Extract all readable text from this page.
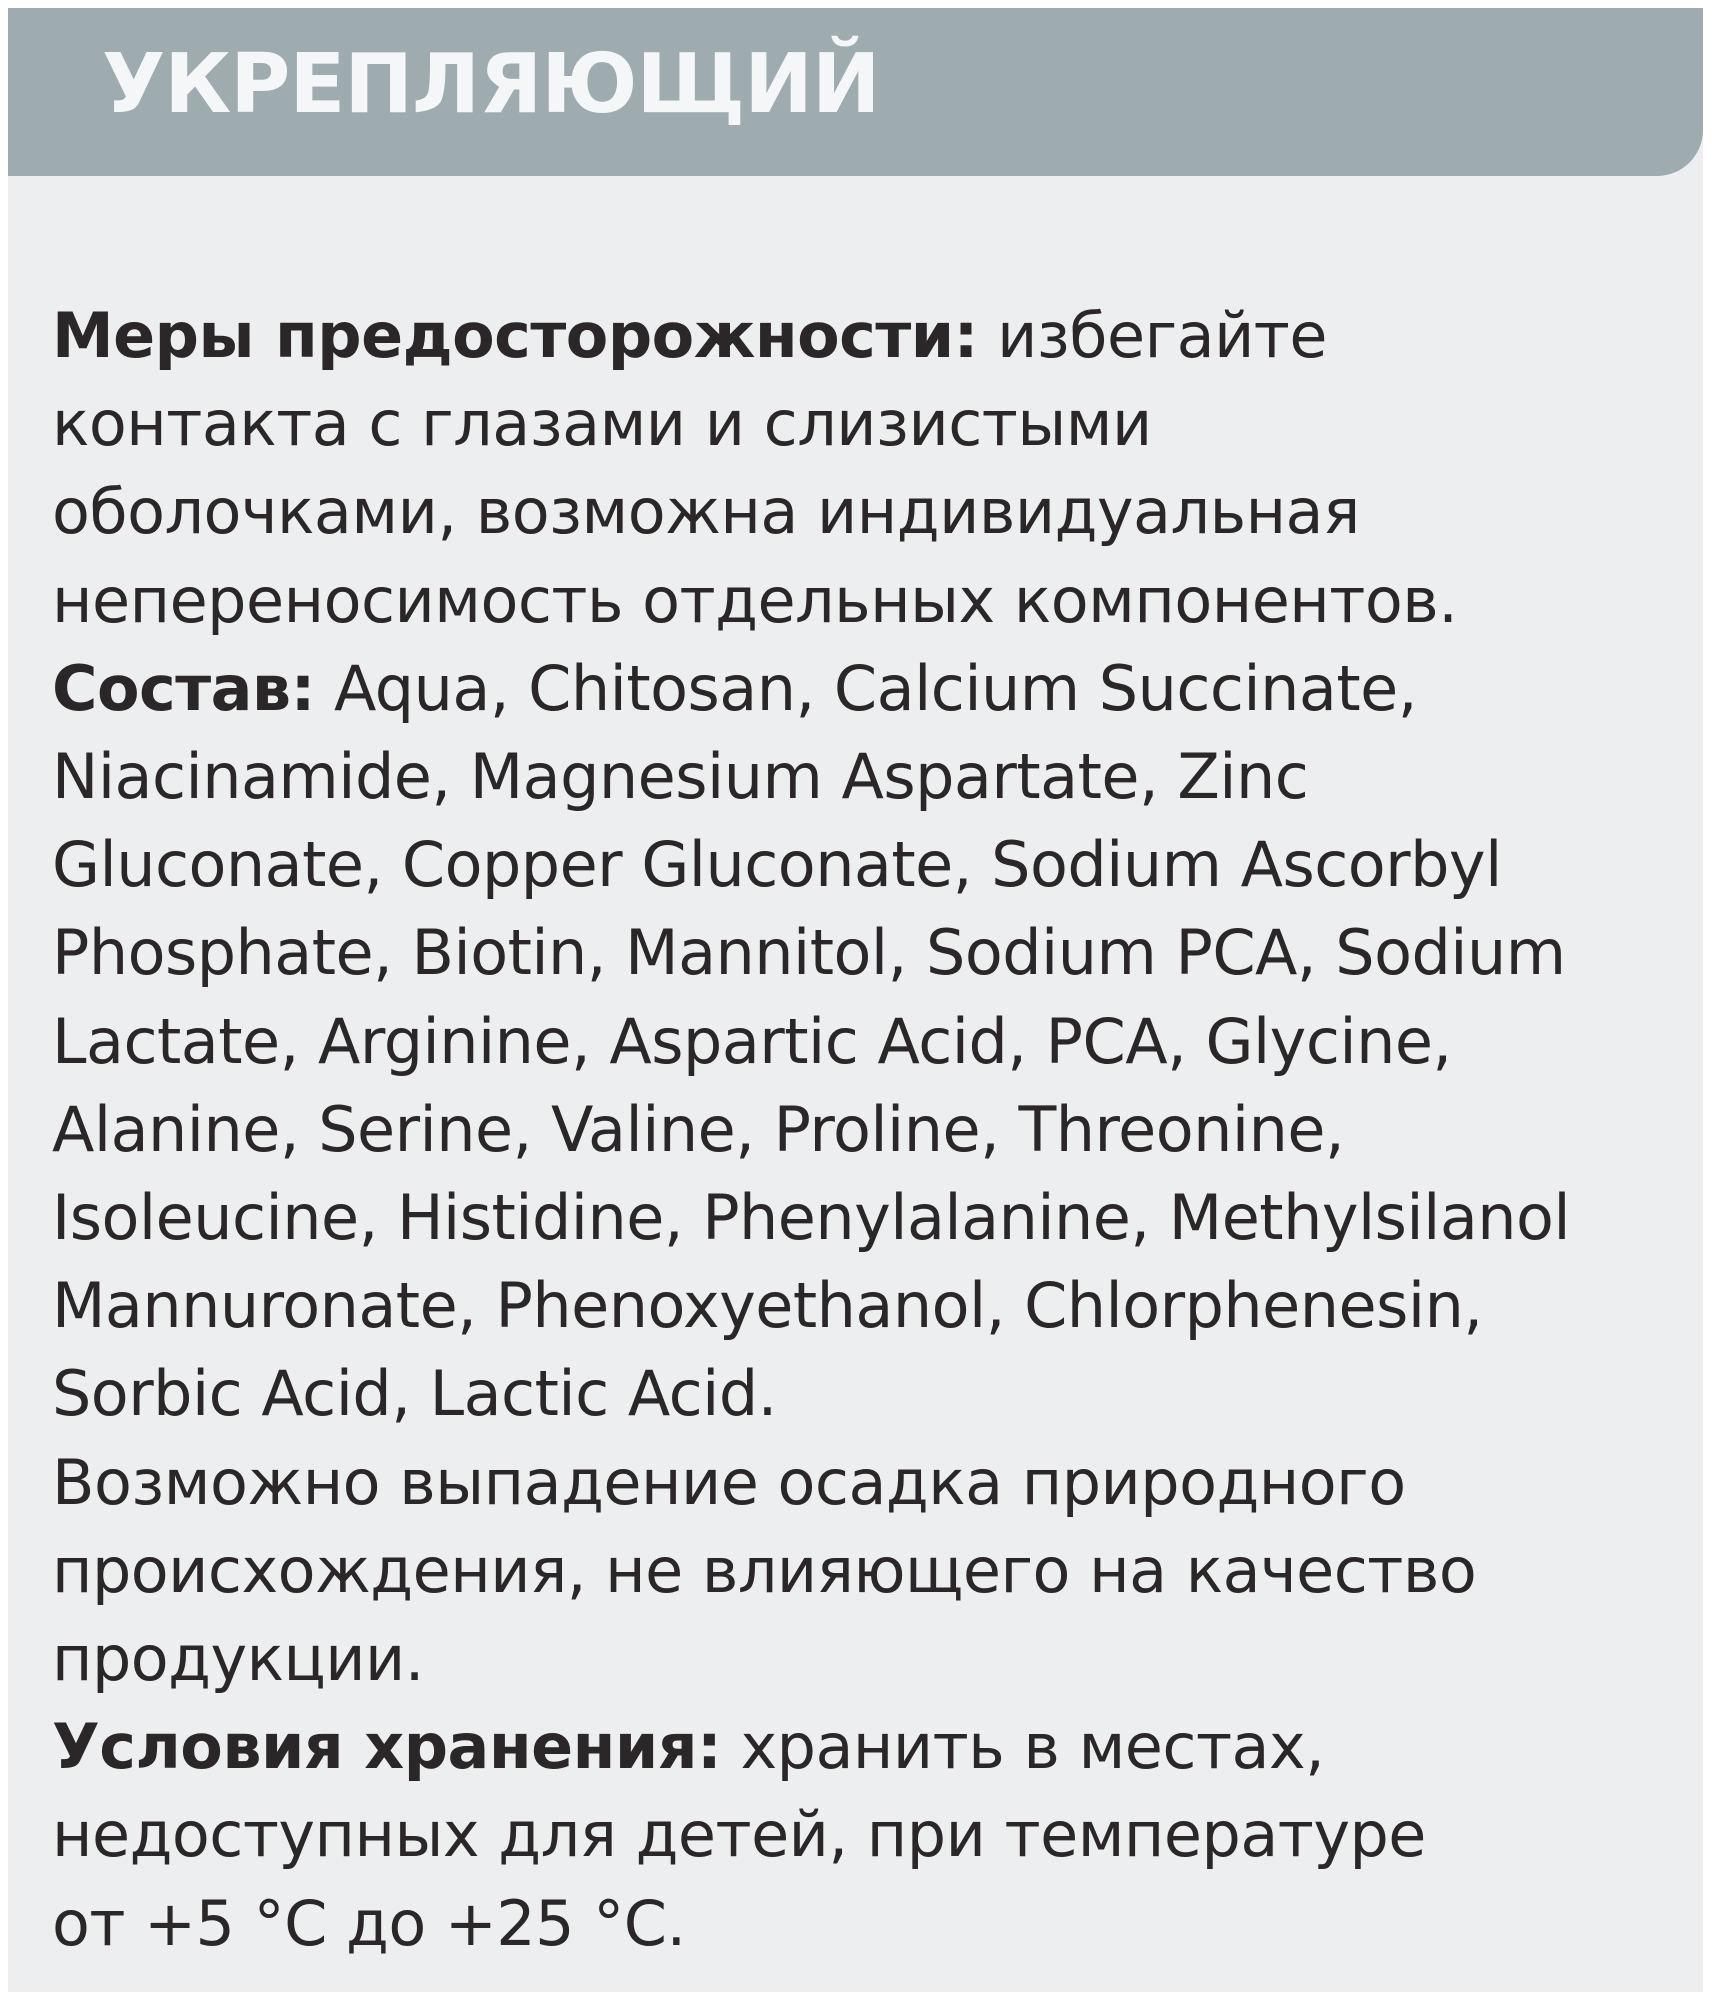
УКРЕПЛЯЮЩИЙ
Меры предосторожности: избегайте
контакта с глазами и слизистыми
оболочками, возможна индивидуальная
непереносимость отдельных компонентов.
Состав: Aqua, Chitosan, Calcium Succinate,
Niacinamide, Magnesium Aspartate, Zinc
Gluconate, Copper Gluconate, Sodium Ascorbyl
Phosphate, Biotin, Mannitol, Sodium PCA, Sodium
Lactate, Arginine, Aspartic Acid, PCA, Glycine,
Alanine, Serine, Valine, Proline, Threonine,
Isoleucine, Histidine, Phenylalanine, Methylsilanol
Mannuronate, Phenoxyethanol, Chlorphenesin,
Sorbic Acid, Lactic Acid.
Возможно выпадение осадка природного
происхождения, не влияющего на качество
продукции.
Условия хранения: хранить в местах,
недоступных для детей, при температуре
от +5 °С до +25 °С.
